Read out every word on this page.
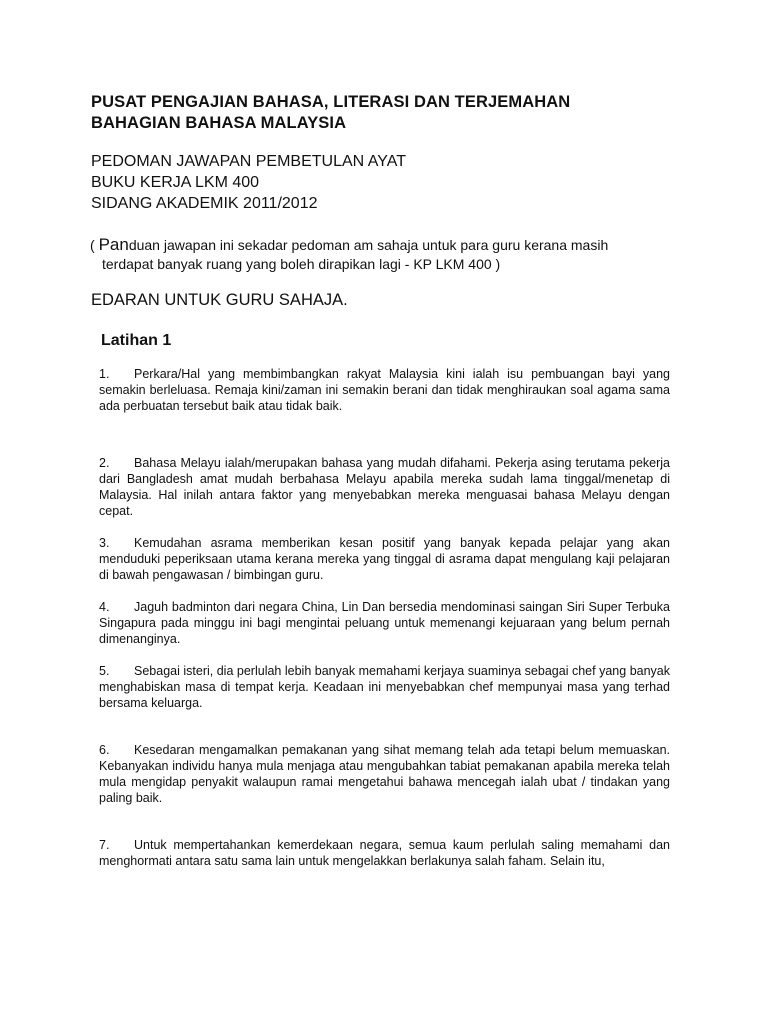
PUSAT PENGAJIAN BAHASA, LITERASI DAN TERJEMAHAN
BAHAGIAN BAHASA MALAYSIA
PEDOMAN JAWAPAN PEMBETULAN AYAT
BUKU KERJA LKM 400
SIDANG AKADEMIK 2011/2012
( Panduan jawapan ini sekadar pedoman am sahaja untuk para guru kerana masih
terdapat banyak ruang yang boleh dirapikan lagi - KP LKM 400 )
EDARAN UNTUK GURU SAHAJA.
Latihan 1
1. Perkara/Hal yang membimbangkan rakyat Malaysia kini ialah isu pembuangan bayi yang semakin berleluasa. Remaja kini/zaman ini semakin berani dan tidak menghiraukan soal agama sama ada perbuatan tersebut baik atau tidak baik.
2. Bahasa Melayu ialah/merupakan bahasa yang mudah difahami. Pekerja asing terutama pekerja dari Bangladesh amat mudah berbahasa Melayu apabila mereka sudah lama tinggal/menetap di Malaysia. Hal inilah antara faktor yang menyebabkan mereka menguasai bahasa Melayu dengan cepat.
3. Kemudahan asrama memberikan kesan positif yang banyak kepada pelajar yang akan menduduki peperiksaan utama kerana mereka yang tinggal di asrama dapat mengulang kaji pelajaran di bawah pengawasan / bimbingan guru.
4. Jaguh badminton dari negara China, Lin Dan bersedia mendominasi saingan Siri Super Terbuka Singapura pada minggu ini bagi mengintai peluang untuk memenangi kejuaraan yang belum pernah dimenanginya.
5. Sebagai isteri, dia perlulah lebih banyak memahami kerjaya suaminya sebagai chef yang banyak menghabiskan masa di tempat kerja. Keadaan ini menyebabkan chef mempunyai masa yang terhad bersama keluarga.
6. Kesedaran mengamalkan pemakanan yang sihat memang telah ada tetapi belum memuaskan. Kebanyakan individu hanya mula menjaga atau mengubahkan tabiat pemakanan apabila mereka telah mula mengidap penyakit walaupun ramai mengetahui bahawa mencegah ialah ubat / tindakan yang paling baik.
7. Untuk mempertahankan kemerdekaan negara, semua kaum perlulah saling memahami dan menghormati antara satu sama lain untuk mengelakkan berlakunya salah faham. Selain itu,
